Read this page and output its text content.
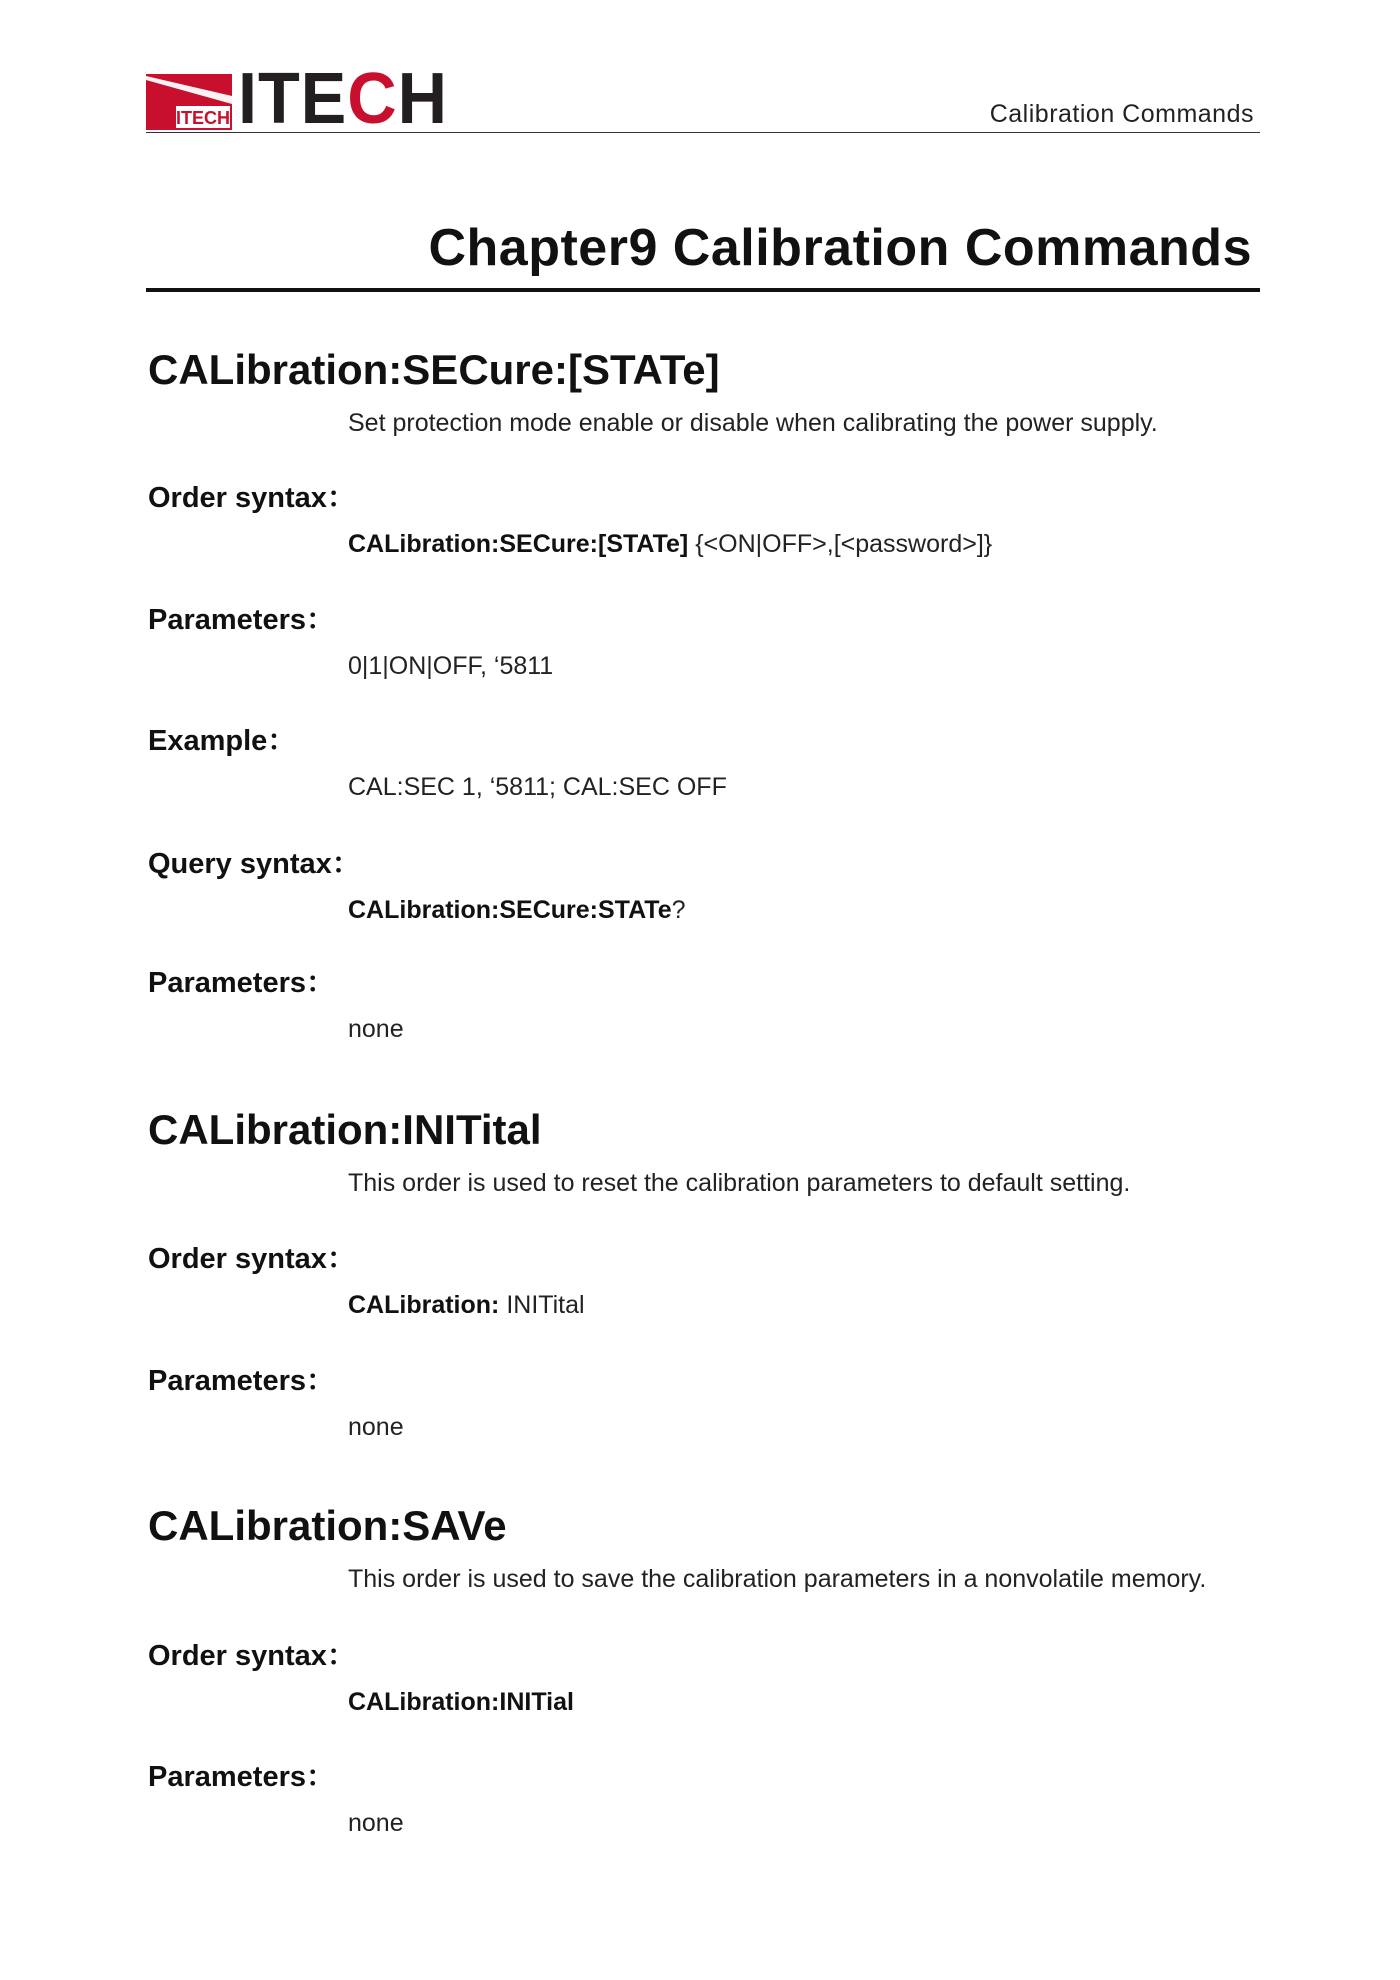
ITECH ITECH	Calibration Commands
Chapter9 Calibration Commands
CALibration:SECure:[STATe]
Set protection mode enable or disable when calibrating the power supply.
Order syntax：
CALibration:SECure:[STATe] {<ON|OFF>,[<password>]}
Parameters：
0|1|ON|OFF, ‘5811
Example：
CAL:SEC 1, ‘5811; CAL:SEC OFF
Query syntax：
CALibration:SECure:STATe?
Parameters：
none
CALibration:INITital
This order is used to reset the calibration parameters to default setting.
Order syntax：
CALibration: INITital
Parameters：
none
CALibration:SAVe
This order is used to save the calibration parameters in a nonvolatile memory.
Order syntax：
CALibration:INITial
Parameters：
none
